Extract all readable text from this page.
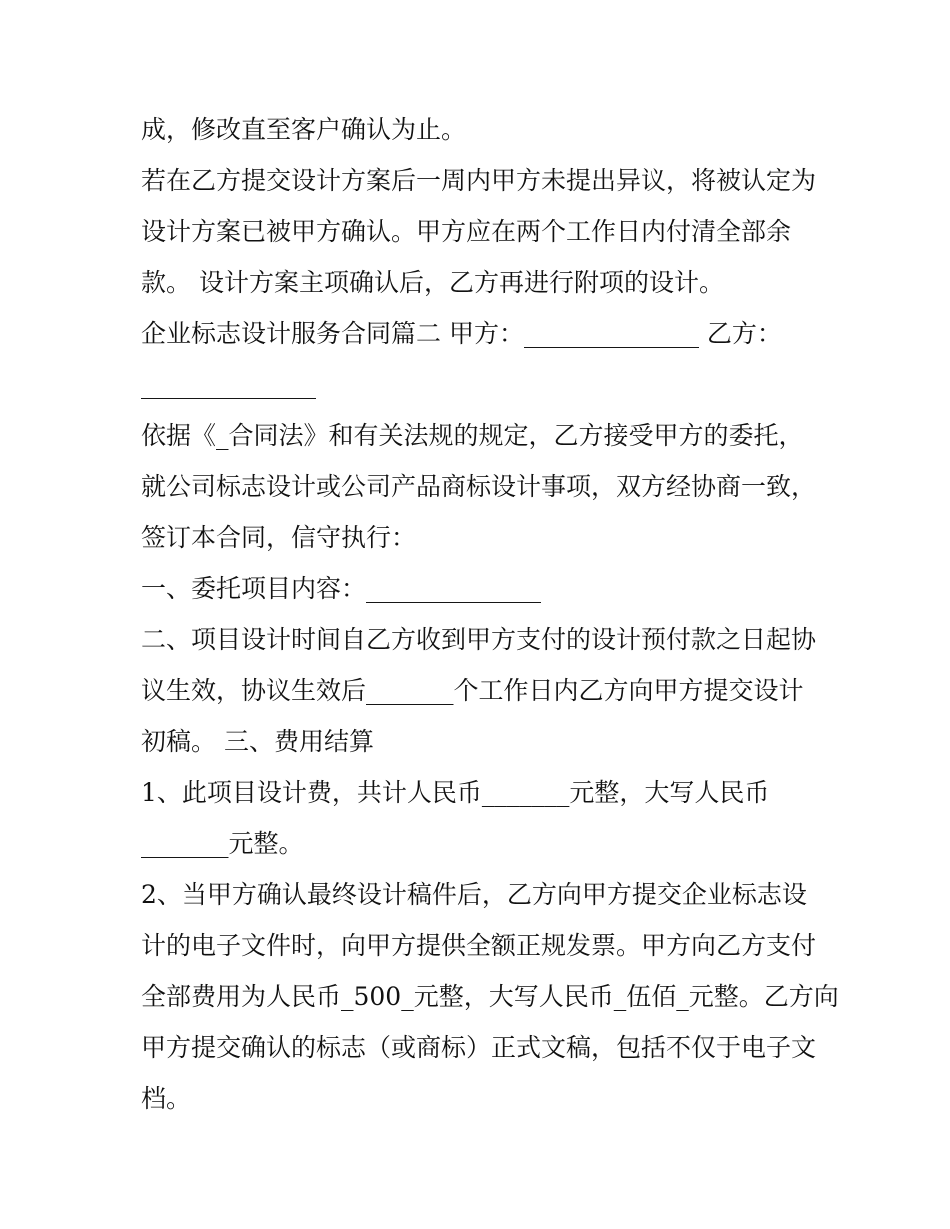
成，修改直至客户确认为止。
若在乙方提交设计方案后一周内甲方未提出异议，将被认定为
设计方案已被甲方确认。甲方应在两个工作日内付清全部余
款。 设计方案主项确认后，乙方再进行附项的设计。
企业标志设计服务合同篇二 甲方：______________ 乙方：
______________
依据《_合同法》和有关法规的规定，乙方接受甲方的委托，
就公司标志设计或公司产品商标设计事项，双方经协商一致，
签订本合同，信守执行：
一、委托项目内容：______________
二、项目设计时间自乙方收到甲方支付的设计预付款之日起协
议生效，协议生效后_______个工作日内乙方向甲方提交设计
初稿。 三、费用结算
1、此项目设计费，共计人民币_______元整，大写人民币
_______元整。
2、当甲方确认最终设计稿件后，乙方向甲方提交企业标志设
计的电子文件时，向甲方提供全额正规发票。甲方向乙方支付
全部费用为人民币_500_元整，大写人民币_伍佰_元整。乙方向
甲方提交确认的标志（或商标）正式文稿，包括不仅于电子文
档。
